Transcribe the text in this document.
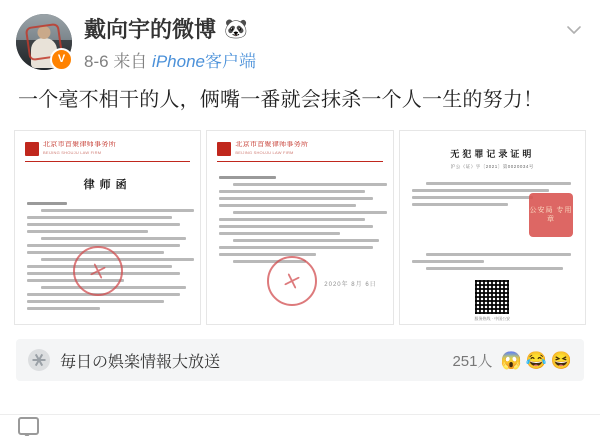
V
戴向宇的微博 🐼
8-6 来自 iPhone客户端
一个毫不相干的人，俩嘴一番就会抹杀一个人一生的努力！
北京市首聚律师事务所
BEIJING SHOUJU LAW FIRM
律师函
北京市首聚律师事务所
BEIJING SHOUJU LAW FIRM
2020年 8月 6日
无犯罪记录证明
沪公（证）字〔2021〕第0020034号
公安局 专用章
服务热线 · 中国公安
毎日の娯楽情報大放送	251人 😱 😂 😆
